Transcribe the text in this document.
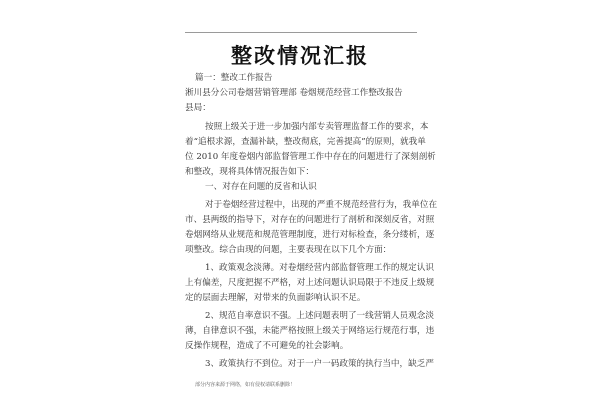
整改情况汇报
篇一：整改工作报告
淅川县分公司卷烟营销管理部 卷烟规范经营工作整改报告
县局：
按照上级关于进一步加强内部专卖管理监督工作的要求，本
着“追根求源，查漏补缺，整改彻底，完善提高”的原则，就我单
位 2010 年度卷烟内部监督管理工作中存在的问题进行了深刻剖析
和整改，现将具体情况报告如下：
一、对存在问题的反省和认识
对于卷烟经营过程中，出现的严重不规范经营行为，我单位在
市、县两级的指导下，对存在的问题进行了剖析和深刻反省，对照
卷烟网络从业规范和规范管理制度，进行对标检查，条分缕析，逐
项整改。综合由现的问题，主要表现在以下几个方面：
1、政策观念淡薄。对卷烟经营内部监督管理工作的规定认识
上有偏差，尺度把握不严格，对上述问题认识局限于不违反上级规
定的层面去理解，对带来的负面影响认识不足。
2、规范自率意识不强。上述问题表明了一线营销人员观念淡
薄，自律意识不强，未能严格按照上级关于网络运行规范行事，违
反操作规程，造成了不可避免的社会影响。
3、政策执行不到位。对于一户一码政策的执行当中，缺乏严
部分内容来源于网络，如有侵权请联系删除！
